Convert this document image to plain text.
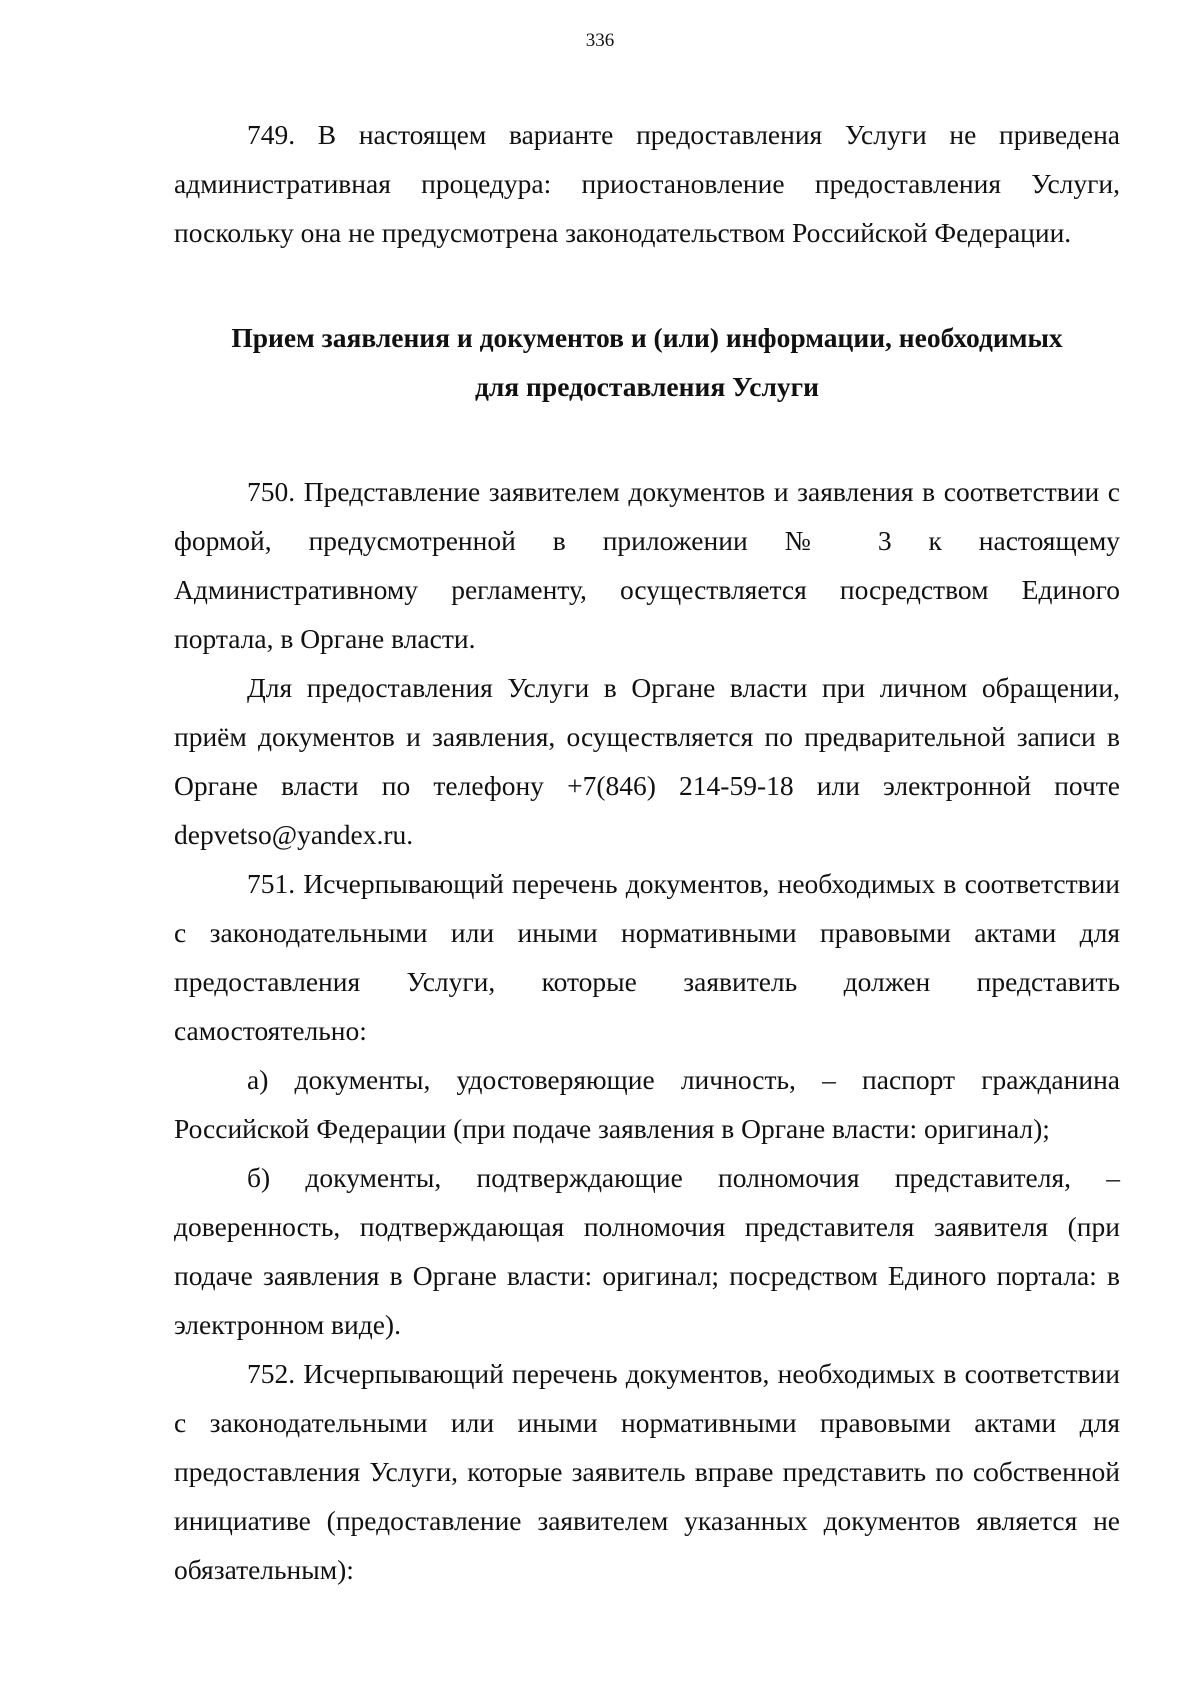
336

749. В настоящем варианте предоставления Услуги не приведена административная процедура: приостановление предоставления Услуги, поскольку она не предусмотрена законодательством Российской Федерации.

Прием заявления и документов и (или) информации, необходимых
для предоставления Услуги

750. Представление заявителем документов и заявления в соответствии с формой, предусмотренной в приложении № 3 к настоящему Административному регламенту, осуществляется посредством Единого портала, в Органе власти.

Для предоставления Услуги в Органе власти при личном обращении, приём документов и заявления, осуществляется по предварительной записи в Органе власти по телефону +7(846) 214-59-18 или электронной почте depvetso@yandex.ru.

751. Исчерпывающий перечень документов, необходимых в соответствии с законодательными или иными нормативными правовыми актами для предоставления Услуги, которые заявитель должен представить самостоятельно:

а) документы, удостоверяющие личность, – паспорт гражданина Российской Федерации (при подаче заявления в Органе власти: оригинал);

б) документы, подтверждающие полномочия представителя, – доверенность, подтверждающая полномочия представителя заявителя (при подаче заявления в Органе власти: оригинал; посредством Единого портала: в электронном виде).

752. Исчерпывающий перечень документов, необходимых в соответствии с законодательными или иными нормативными правовыми актами для предоставления Услуги, которые заявитель вправе представить по собственной инициативе (предоставление заявителем указанных документов является не обязательным):
